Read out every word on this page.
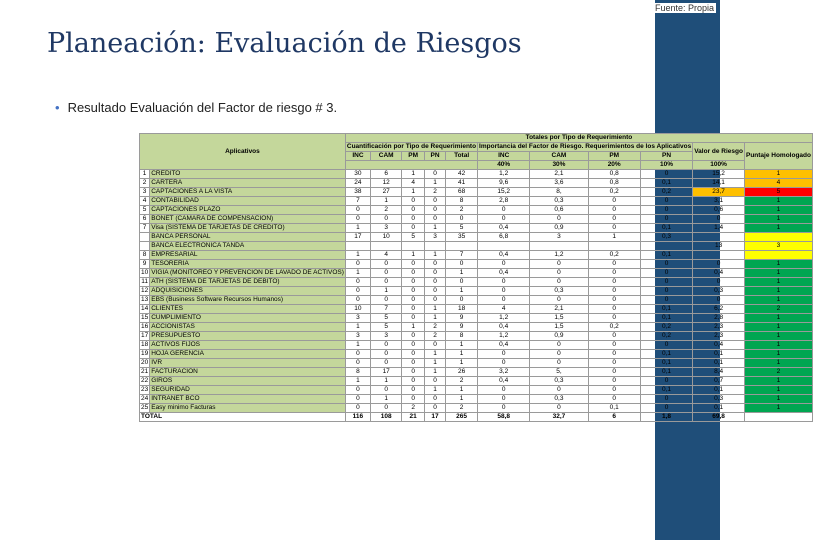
Fuente: Propia
Planeación: Evaluación de Riesgos
• Resultado Evaluación del Factor de riesgo # 3.
Aplicativos		Totales por Tipo de Requerimiento										
		Cuantificación por Tipo de Requerimiento					Importancia del Factor de Riesgo. Requerimientos de los Aplicativos				Valor de Riesgo	Puntaje Homologado
		INC	CAM	PM	PN	Total	INC	CAM	PM	PN		
							40%	30%	20%	10%	100%	
1	CREDITO	30	6	1	0	42	1,2	2,1	0,8	0	15,2	1
2	CARTERA	24	12	4	1	41	9,6	3,6	0,8	0,1	14,1	4
3	CAPTACIONES A LA VISTA	38	27	1	2	68	15,2	8,	0,2	0,2	23,7	5
4	CONTABILIDAD	7	1	0	0	8	2,8	0,3	0	0	3,1	1
5	CAPTACIONES PLAZO	0	2	0	0	2	0	0,6	0	0	0,6	1
6	BONET (CAMARA DE COMPENSACION)	0	0	0	0	0	0	0	0	0	0	1
7	Visa (SISTEMA DE TARJETAS DE CREDITO)	1	3	0	1	5	0,4	0,9	0	0,1	1,4	1
	BANCA PERSONAL	17	10	5	3	35	6,8	3	1	0,3		
	BANCA ELECTRONICA TANDA										13	3
8	EMPRESARIAL	1	4	1	1	7	0,4	1,2	0,2	0,1		
9	TESORERIA	0	0	0	0	0	0	0	0	0	0	1
10	VIGIA (MONITOREO Y PREVENCION DE LAVADO DE ACTIVOS)	1	0	0	0	1	0,4	0	0	0	0,4	1
11	ATH (SISTEMA DE TARJETAS DE DEBITO)	0	0	0	0	0	0	0	0	0	0	1
12	ADQUISICIONES	0	1	0	0	1	0	0,3	0	0	0,3	1
13	EBS (Business Software Recursos Humanos)	0	0	0	0	0	0	0	0	0	0	1
14	CLIENTES	10	7	0	1	18	4	2,1	0	0,1	6,2	2
15	CUMPLIMIENTO	3	5	0	1	9	1,2	1,5	0	0,1	2,8	1
16	ACCIONISTAS	1	5	1	2	9	0,4	1,5	0,2	0,2	2,3	1
17	PRESUPUESTO	3	3	0	2	8	1,2	0,9	0	0,2	2,3	1
18	ACTIVOS FIJOS	1	0	0	0	1	0,4	0	0	0	0,4	1
19	HOJA GERENCIA	0	0	0	1	1	0	0	0	0,1	0,1	1
20	IVR	0	0	0	1	1	0	0	0	0,1	0,1	1
21	FACTURACION	8	17	0	1	26	3,2	5,	0	0,1	8,4	2
22	GIROS	1	1	0	0	2	0,4	0,3	0	0	0,7	1
23	SEGURIDAD	0	0	0	1	1	0	0	0	0,1	0,1	1
24	INTRANET BCO	0	1	0	0	1	0	0,3	0	0	0,3	1
25	Easy minimo Facturas	0	0	2	0	2	0	0	0,1	0	0,1	1
TOTAL		116	108	21	17	265	58,8	32,7	6	1,8	69,8	
